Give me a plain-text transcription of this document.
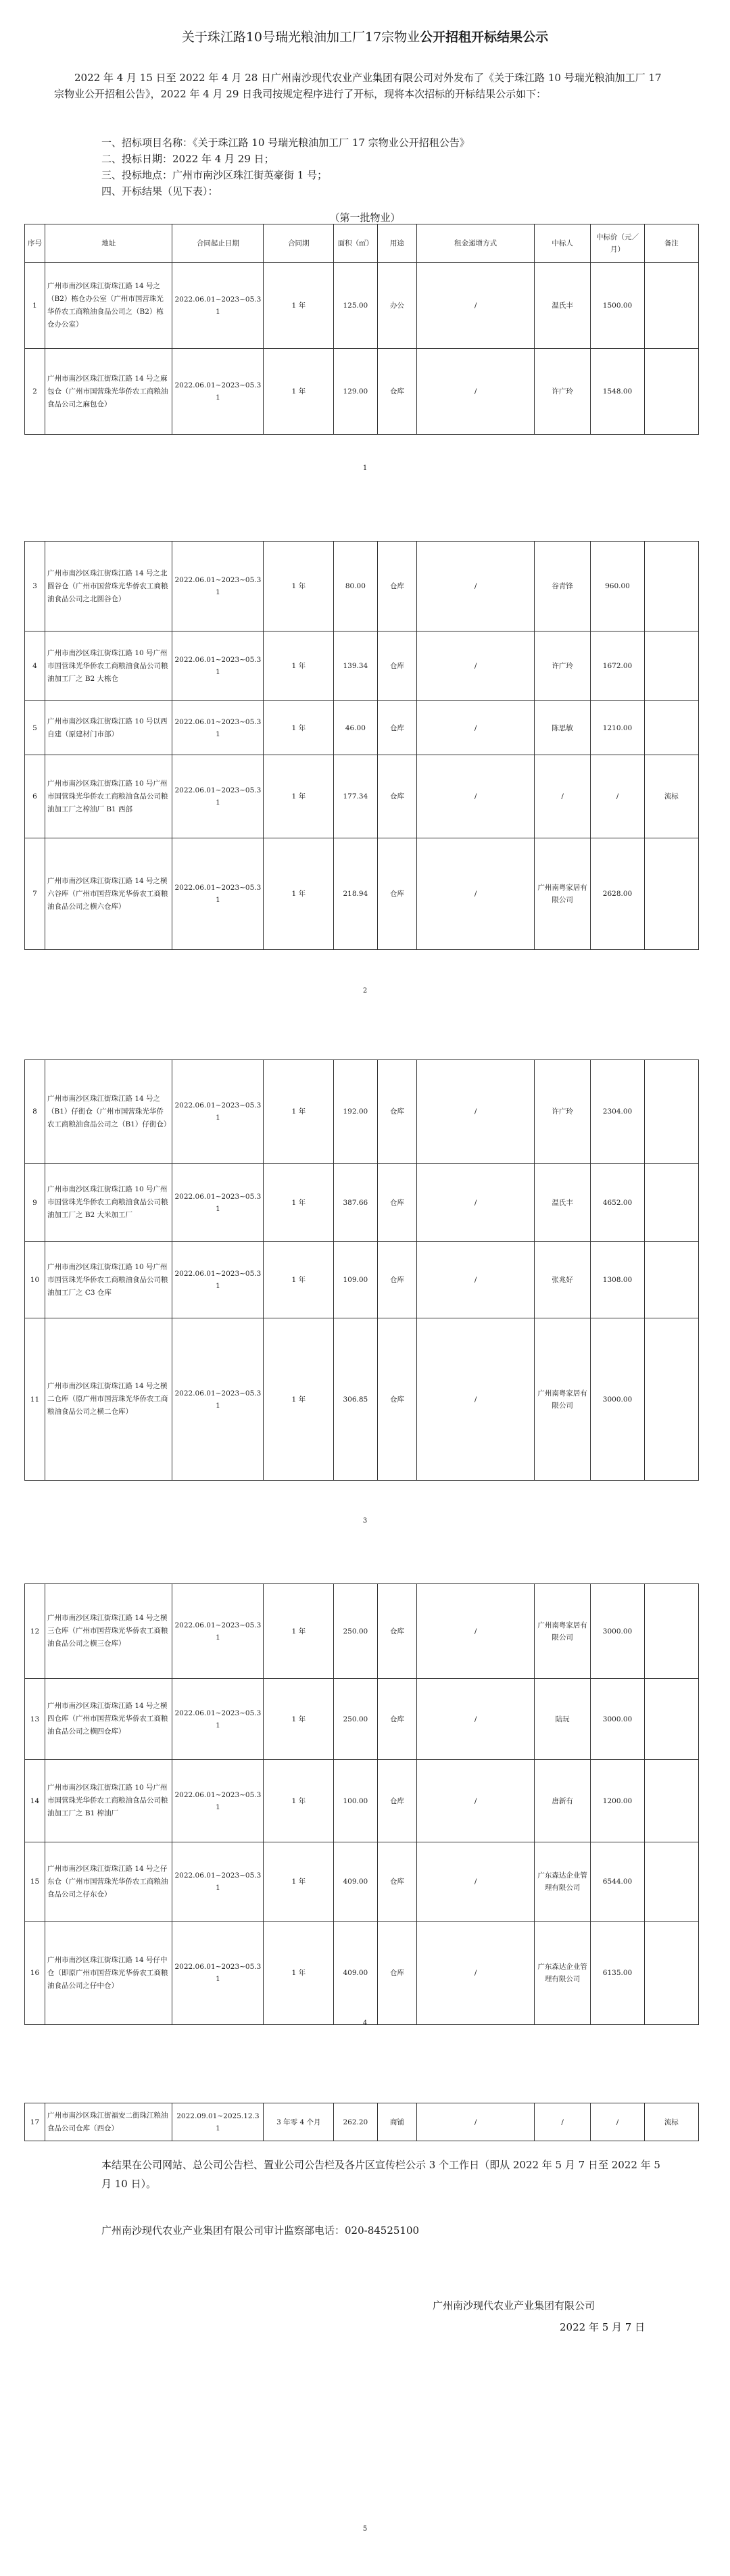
关于珠江路10号瑞光粮油加工厂17宗物业公开招租开标结果公示
2022 年 4 月 15 日至 2022 年 4 月 28 日广州南沙现代农业产业集团有限公司对外发布了《关于珠江路 10 号瑞光粮油加工厂 17 宗物业公开招租公告》，2022 年 4 月 29 日我司按规定程序进行了开标，现将本次招标的开标结果公示如下：
一、招标项目名称：《关于珠江路 10 号瑞光粮油加工厂 17 宗物业公开招租公告》
二、投标日期：2022 年 4 月 29 日；
三、投标地点：广州市南沙区珠江街英豪街 1 号；
四、开标结果（见下表）：
（第一批物业）
序号	地址	合同起止日期	合同期	面积（㎡）	用途	租金递增方式	中标人	中标价（元／月）	备注
1	广州市南沙区珠江街珠江路 14 号之（B2）栋仓办公室（广州市国营珠光华侨农工商粮油食品公司之（B2）栋仓办公室）	2022.06.01~2023~05.31	1 年	125.00	办公	/	温氏丰	1500.00	
2	广州市南沙区珠江街珠江路 14 号之麻包仓（广州市国营珠光华侨农工商粮油食品公司之麻包仓）	2022.06.01~2023~05.31	1 年	129.00	仓库	/	许广玲	1548.00	
1
3	广州市南沙区珠江街珠江路 14 号之北圆谷仓（广州市国营珠光华侨农工商粮油食品公司之北圆谷仓）	2022.06.01~2023~05.31	1 年	80.00	仓库	/	谷青锋	960.00	
4	广州市南沙区珠江街珠江路 10 号广州市国营珠光华侨农工商粮油食品公司粮油加工厂之 B2 大栋仓	2022.06.01~2023~05.31	1 年	139.34	仓库	/	许广玲	1672.00	
5	广州市南沙区珠江街珠江路 10 号以西自建（原建材门市部）	2022.06.01~2023~05.31	1 年	46.00	仓库	/	陈思敏	1210.00	
6	广州市南沙区珠江街珠江路 10 号广州市国营珠光华侨农工商粮油食品公司粮油加工厂之榨油厂 B1 西部	2022.06.01~2023~05.31	1 年	177.34	仓库	/	/	/	流标
7	广州市南沙区珠江街珠江路 14 号之横六谷库（广州市国营珠光华侨农工商粮油食品公司之横六仓库）	2022.06.01~2023~05.31	1 年	218.94	仓库	/	广州南粤家居有限公司	2628.00	
2
8	广州市南沙区珠江街珠江路 14 号之（B1）仔街仓（广州市国营珠光华侨农工商粮油食品公司之（B1）仔街仓）	2022.06.01~2023~05.31	1 年	192.00	仓库	/	许广玲	2304.00	
9	广州市南沙区珠江街珠江路 10 号广州市国营珠光华侨农工商粮油食品公司粮油加工厂之 B2 大米加工厂	2022.06.01~2023~05.31	1 年	387.66	仓库	/	温氏丰	4652.00	
10	广州市南沙区珠江街珠江路 10 号广州市国营珠光华侨农工商粮油食品公司粮油加工厂之 C3 仓库	2022.06.01~2023~05.31	1 年	109.00	仓库	/	张兆好	1308.00	
11	广州市南沙区珠江街珠江路 14 号之横二仓库（原广州市国营珠光华侨农工商粮油食品公司之横二仓库）	2022.06.01~2023~05.31	1 年	306.85	仓库	/	广州南粤家居有限公司	3000.00	
3
12	广州市南沙区珠江街珠江路 14 号之横三仓库（广州市国营珠光华侨农工商粮油食品公司之横三仓库）	2022.06.01~2023~05.31	1 年	250.00	仓库	/	广州南粤家居有限公司	3000.00	
13	广州市南沙区珠江街珠江路 14 号之横四仓库（广州市国营珠光华侨农工商粮油食品公司之横四仓库）	2022.06.01~2023~05.31	1 年	250.00	仓库	/	陆玩	3000.00	
14	广州市南沙区珠江街珠江路 10 号广州市国营珠光华侨农工商粮油食品公司粮油加工厂之 B1 榨油厂	2022.06.01~2023~05.31	1 年	100.00	仓库	/	唐新有	1200.00	
15	广州市南沙区珠江街珠江路 14 号之仔东仓（广州市国营珠光华侨农工商粮油食品公司之仔东仓）	2022.06.01~2023~05.31	1 年	409.00	仓库	/	广东森达企业管理有限公司	6544.00	
16	广州市南沙区珠江街珠江路 14 号仔中仓（即原广州市国营珠光华侨农工商粮油食品公司之仔中仓）	2022.06.01~2023~05.31	1 年	409.00	仓库	/	广东森达企业管理有限公司	6135.00	
4
17	广州市南沙区珠江街福安二街珠江粮油食品公司仓库（西仓）	2022.09.01~2025.12.31	3 年零 4 个月	262.20	商铺	/	/	/	流标
本结果在公司网站、总公司公告栏、置业公司公告栏及各片区宣传栏公示 3 个工作日（即从 2022 年 5 月 7 日至 2022 年 5 月 10 日）。
广州南沙现代农业产业集团有限公司审计监察部电话：020-84525100
广州南沙现代农业产业集团有限公司
2022 年 5 月 7 日
5
